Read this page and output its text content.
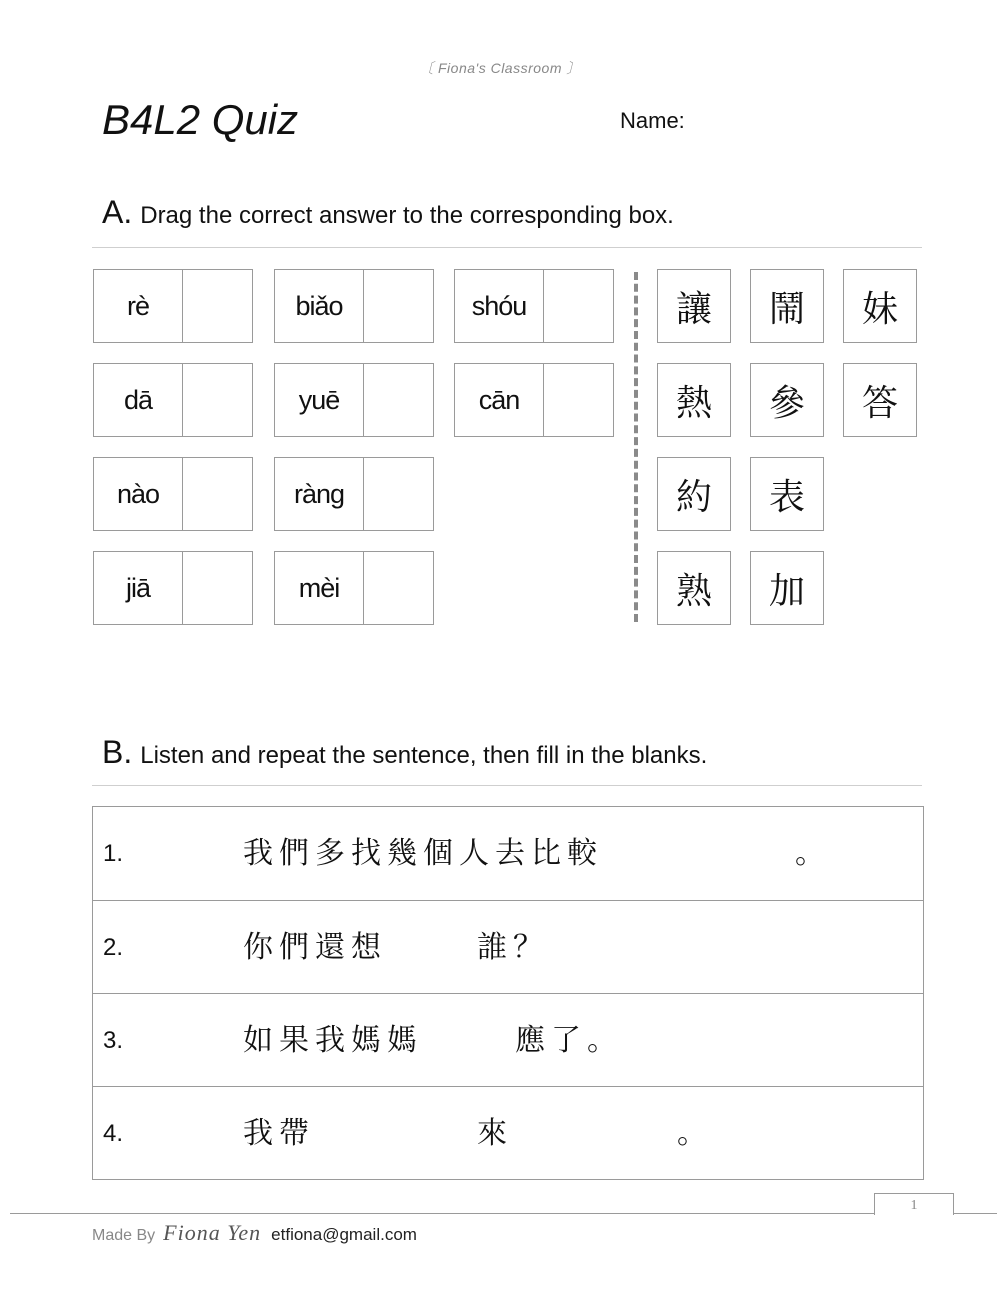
〔 Fiona's Classroom 〕
B4L2 Quiz	Name:
A. Drag the correct answer to the corresponding box.
rè	biǎo	shóu
dā	yuē	cān
nào	ràng
jiā	mèi
讓	鬧	妹
熱	參	答
約	表
熟	加
B. Listen and repeat the sentence, then fill in the blanks.
1.	我們多找幾個人去比較	。
2.	你們還想	誰？
3.	如果我媽媽	應了。
4.	我帶	來	。
1
Made By Fiona Yen etfiona@gmail.com
